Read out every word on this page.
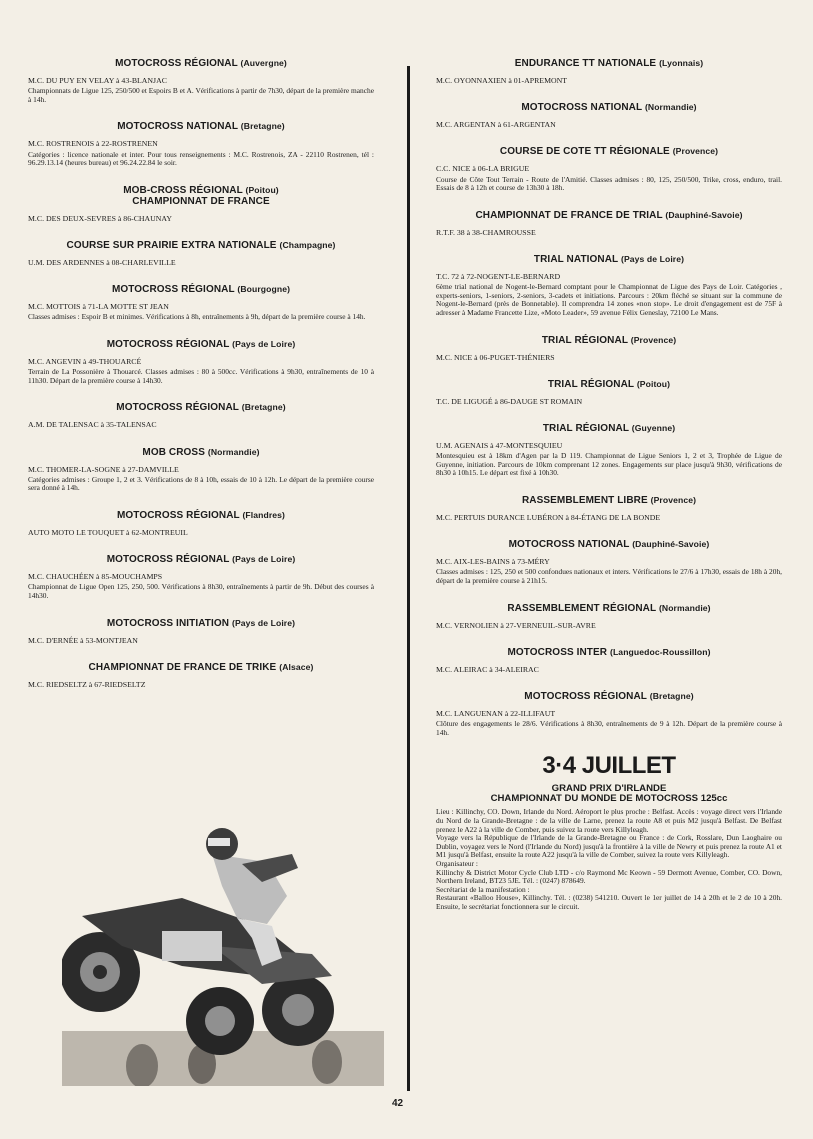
MOTOCROSS RÉGIONAL (Auvergne)

M.C. DU PUY EN VELAY à 43-BLANJAC

Championnats de Ligue 125, 250/500 et Espoirs B et A. Vérifications à partir de 7h30, départ de la première manche à 14h.

MOTOCROSS NATIONAL (Bretagne)

M.C. ROSTRENOIS à 22-ROSTRENEN

Catégories : licence nationale et inter. Pour tous renseignements : M.C. Rostrenois, ZA - 22110 Rostrenen, tél : 96.29.13.14 (heures bureau) et 96.24.22.84 le soir.

MOB-CROSS RÉGIONAL (Poitou)
CHAMPIONNAT DE FRANCE

M.C. DES DEUX-SEVRES à 86-CHAUNAY

COURSE SUR PRAIRIE EXTRA NATIONALE (Champagne)

U.M. DES ARDENNES à 08-CHARLEVILLE

MOTOCROSS RÉGIONAL (Bourgogne)

M.C. MOTTOIS à 71-LA MOTTE ST JEAN

Classes admises : Espoir B et minimes. Vérifications à 8h, entraînements à 9h, départ de la première course à 14h.

MOTOCROSS RÉGIONAL (Pays de Loire)

M.C. ANGEVIN à 49-THOUARCÉ

Terrain de La Possonière à Thouarcé. Classes admises : 80 à 500cc. Vérifications à 9h30, entraînements de 10 à 11h30. Départ de la première course à 14h30.

MOTOCROSS RÉGIONAL (Bretagne)

A.M. DE TALENSAC à 35-TALENSAC

MOB CROSS (Normandie)

M.C. THOMER-LA-SOGNE à 27-DAMVILLE

Catégories admises : Groupe 1, 2 et 3. Vérifications de 8 à 10h, essais de 10 à 12h. Le départ de la première course sera donné à 14h.

MOTOCROSS RÉGIONAL (Flandres)

AUTO MOTO LE TOUQUET à 62-MONTREUIL

MOTOCROSS RÉGIONAL (Pays de Loire)

M.C. CHAUCHÉEN à 85-MOUCHAMPS

Championnat de Ligue Open 125, 250, 500. Vérifications à 8h30, entraînements à partir de 9h. Début des courses à 14h30.

MOTOCROSS INITIATION (Pays de Loire)

M.C. D'ERNÉE à 53-MONTJEAN

CHAMPIONNAT DE FRANCE DE TRIKE (Alsace)

M.C. RIEDSELTZ à 67-RIEDSELTZ

ENDURANCE TT NATIONALE (Lyonnais)

M.C. OYONNAXIEN à 01-APREMONT

MOTOCROSS NATIONAL (Normandie)

M.C. ARGENTAN à 61-ARGENTAN

COURSE DE COTE TT RÉGIONALE (Provence)

C.C. NICE à 06-LA BRIGUE

Course de Côte Tout Terrain - Route de l'Amitié. Classes admises : 80, 125, 250/500, Trike, cross, enduro, trail. Essais de 8 à 12h et course de 13h30 à 18h.

CHAMPIONNAT DE FRANCE DE TRIAL (Dauphiné-Savoie)

R.T.F. 38 à 38-CHAMROUSSE

TRIAL NATIONAL (Pays de Loire)

T.C. 72 à 72-NOGENT-LE-BERNARD

6ème trial national de Nogent-le-Bernard comptant pour le Championnat de Ligue des Pays de Loir. Catégories , experts-seniors, 1-seniors, 2-seniors, 3-cadets et initiations. Parcours : 20km fléché se situant sur la commune de Nogent-le-Bernard (près de Bonnetable). Il comprendra 14 zones «non stop». Le droit d'engagement est de 75F à adresser à Madame Francette Lize, «Moto Leader», 59 avenue Félix Geneslay, 72100 Le Mans.

TRIAL RÉGIONAL (Provence)

M.C. NICE à 06-PUGET-THÉNIERS

TRIAL RÉGIONAL (Poitou)

T.C. DE LIGUGÉ à 86-DAUGE ST ROMAIN

TRIAL RÉGIONAL (Guyenne)

U.M. AGENAIS à 47-MONTESQUIEU

Montesquieu est à 18km d'Agen par la D 119. Championnat de Ligue Seniors 1, 2 et 3, Trophée de Ligue de Guyenne, initiation. Parcours de 10km comprenant 12 zones. Engagements sur place jusqu'à 9h30, vérifications de 8h30 à 10h15. Le départ est fixé à 10h30.

RASSEMBLEMENT LIBRE (Provence)

M.C. PERTUIS DURANCE LUBÉRON à 84-ÉTANG DE LA BONDE

MOTOCROSS NATIONAL (Dauphiné-Savoie)

M.C. AIX-LES-BAINS à 73-MÉRY

Classes admises : 125, 250 et 500 confondues nationaux et inters. Vérifications le 27/6 à 17h30, essais de 18h à 20h, départ de la première course à 21h15.

RASSEMBLEMENT RÉGIONAL (Normandie)

M.C. VERNOLIEN à 27-VERNEUIL-SUR-AVRE

MOTOCROSS INTER (Languedoc-Roussillon)

M.C. ALEIRAC à 34-ALEIRAC

MOTOCROSS RÉGIONAL (Bretagne)

M.C. LANGUENAN à 22-ILLIFAUT

Clôture des engagements le 28/6. Vérifications à 8h30, entraînements de 9 à 12h. Départ de la première course à 14h.

3·4 JUILLET
GRAND PRIX D'IRLANDE
CHAMPIONNAT DU MONDE DE MOTOCROSS 125cc

Lieu : Killinchy, CO. Down, Irlande du Nord. Aéroport le plus proche : Belfast. Accès : voyage direct vers l'Irlande du Nord de la Grande-Bretagne : de la ville de Larne, prenez la route A8 et puis M2 jusqu'à Belfast. De Belfast prenez le A22 à la ville de Comber, puis suivez la route vers Killyleagh.

Voyage vers la République de l'Irlande de la Grande-Bretagne ou France : de Cork, Rosslare, Dun Laoghaire ou Dublin, voyagez vers le Nord (l'Irlande du Nord) jusqu'à la frontière à la ville de Newry et puis prenez la route A1 et M1 jusqu'à Belfast, ensuite la route A22 jusqu'à la ville de Comber, suivez la route vers Killyleagh.

Organisateur :

Killinchy & District Motor Cycle Club LTD - c/o Raymond Mc Keown - 59 Dermott Avenue, Comber, CO. Down, Northern Ireland, BT23 5JE. Tél. : (0247) 878649.

Secrétariat de la manifestation :

Restaurant «Balloo House», Killinchy. Tél. : (0238) 541210. Ouvert le 1er juillet de 14 à 20h et le 2 de 10 à 20h. Ensuite, le secrétariat fonctionnera sur le circuit.

42
